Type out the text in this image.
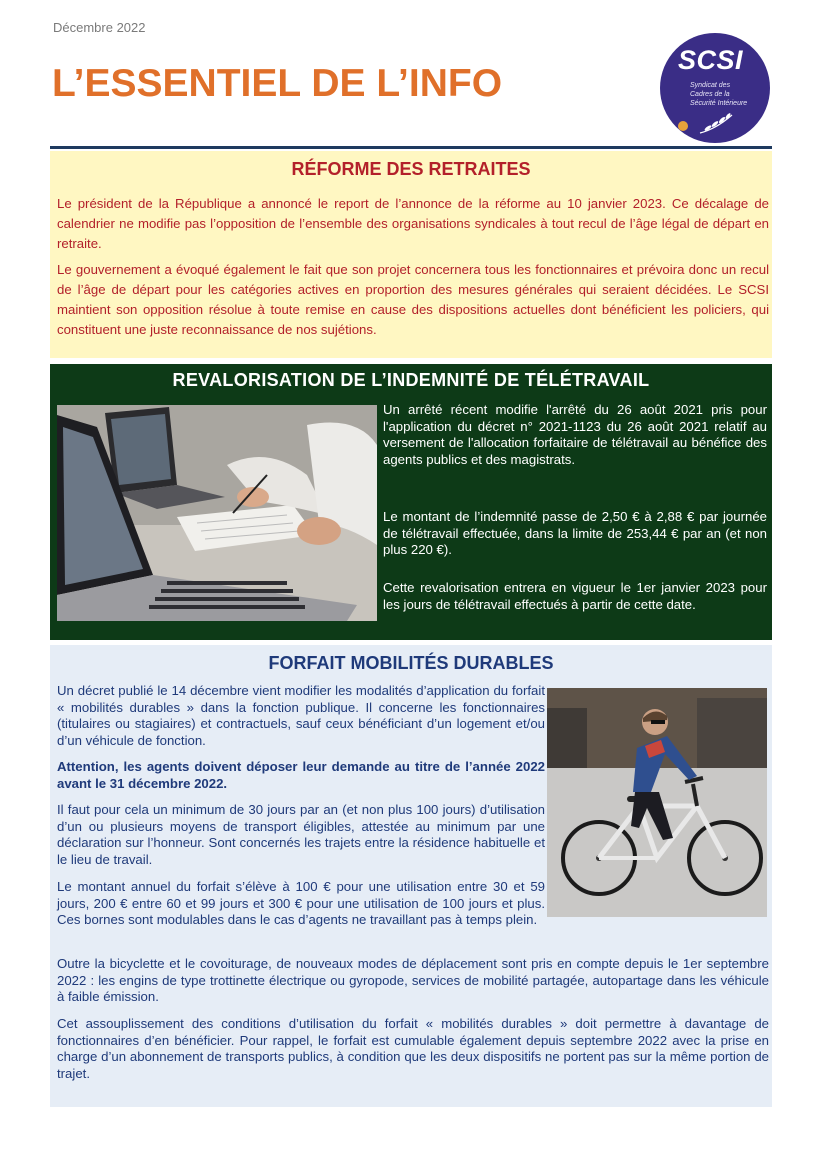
Décembre 2022
L’ESSENTIEL DE L’INFO
SCSI
Syndicat des Cadres de la Sécurité Intérieure
RÉFORME DES RETRAITES

Le président de la République a annoncé le report de l’annonce de la réforme au 10 janvier 2023. Ce décalage de calendrier ne modifie pas l’opposition de l’ensemble des organisations syndicales à tout recul de l’âge légal de départ en retraite.

Le gouvernement a évoqué également le fait que son projet concernera tous les fonctionnaires et prévoira donc un recul de l’âge de départ pour les catégories actives en proportion des mesures générales qui seraient décidées. Le SCSI maintient son opposition résolue à toute remise en cause des dispositions actuelles dont bénéficient les policiers, qui constituent une juste reconnaissance de nos sujétions.

REVALORISATION DE L’INDEMNITÉ DE TÉLÉTRAVAIL

Un arrêté récent modifie l'arrêté du 26 août 2021 pris pour l'application du décret n° 2021-1123 du 26 août 2021 relatif au versement de l'allocation forfaitaire de télétravail au bénéfice des agents publics et des magistrats.

Le montant de l’indemnité passe de 2,50 € à 2,88 € par journée de télétravail effectuée, dans la limite de 253,44 € par an (et non plus 220 €).

Cette revalorisation entrera en vigueur le 1er janvier 2023 pour les jours de télétravail effectués à partir de cette date.

FORFAIT MOBILITÉS DURABLES

Un décret publié le 14 décembre vient modifier les modalités d’application du forfait « mobilités durables » dans la fonction publique. Il concerne les fonctionnaires (titulaires ou stagiaires) et contractuels, sauf ceux bénéficiant d’un logement et/ou d’un véhicule de fonction.

Attention, les agents doivent déposer leur demande au titre de l’année 2022 avant le 31 décembre 2022.

Il faut pour cela un minimum de 30 jours par an (et non plus 100 jours) d’utilisation d’un ou plusieurs moyens de transport éligibles, attestée au minimum par une déclaration sur l’honneur. Sont concernés les trajets entre la résidence habituelle et le lieu de travail.

Le montant annuel du forfait s’élève à 100 € pour une utilisation entre 30 et 59 jours, 200 € entre 60 et 99 jours et 300 € pour une utilisation de 100 jours et plus. Ces bornes sont modulables dans le cas d’agents ne travaillant pas à temps plein.

Outre la bicyclette et le covoiturage, de nouveaux modes de déplacement sont pris en compte depuis le 1er septembre 2022 : les engins de type trottinette électrique ou gyropode, services de mobilité partagée, autopartage dans les véhicule à faible émission.

Cet assouplissement des conditions d’utilisation du forfait « mobilités durables » doit permettre à davantage de fonctionnaires d’en bénéficier. Pour rappel, le forfait est cumulable également depuis septembre 2022 avec la prise en charge d’un abonnement de transports publics, à condition que les deux dispositifs ne portent pas sur la même portion de trajet.
